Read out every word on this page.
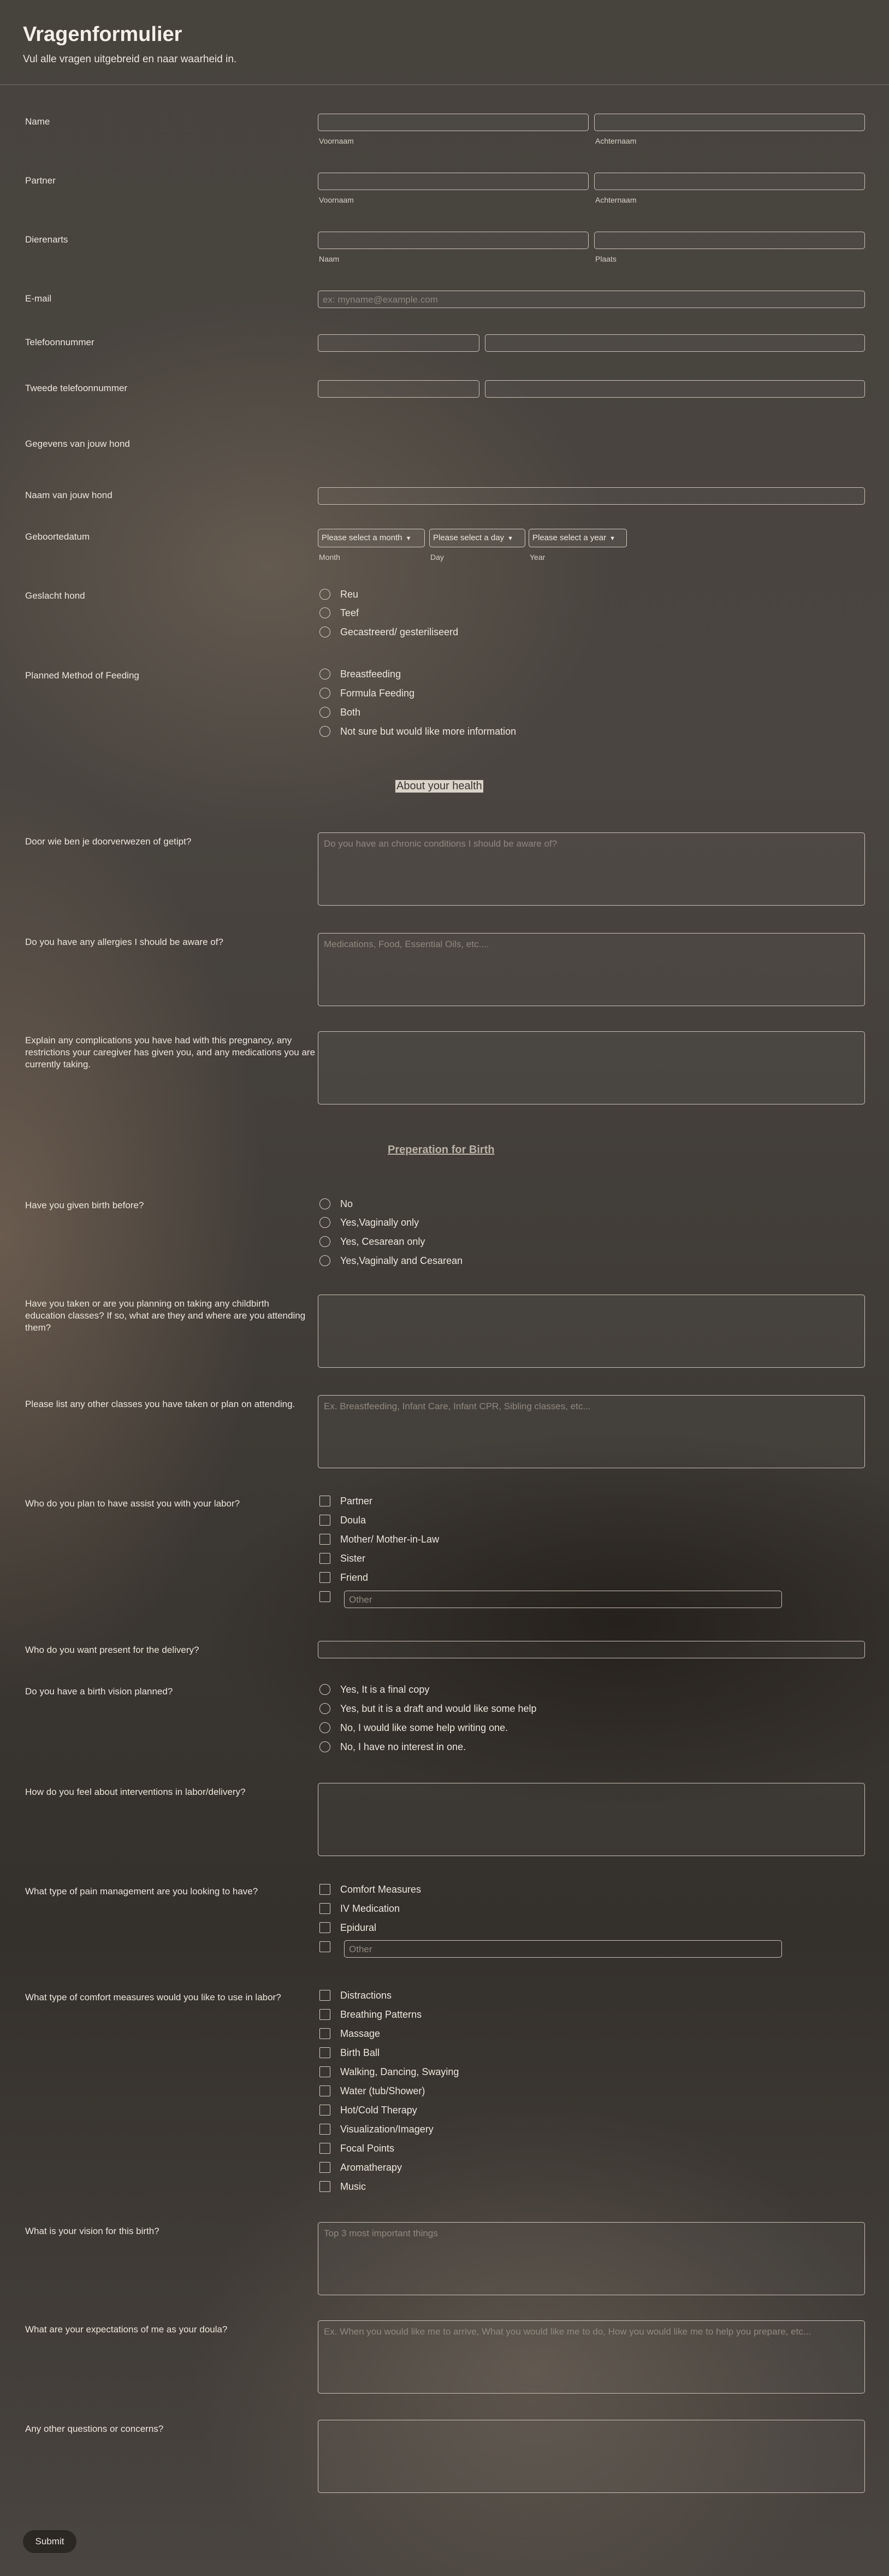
Vragenformulier

Vul alle vragen uitgebreid en naar waarheid in.

Name
Voornaam	Achternaam
Partner
Voornaam	Achternaam
Dierenarts
Naam	Plaats
E-mail	ex: myname@example.com
Telefoonnummer
Tweede telefoonnummer
Gegevens van jouw hond
Naam van jouw hond
Geboortedatum	Please select a month ▼	Please select a day ▼	Please select a year ▼
Month	Day	Year
Geslacht hond	Reu
Teef
Gecastreerd/ gesteriliseerd
Planned Method of Feeding	Breastfeeding
Formula Feeding
Both
Not sure but would like more information
About your health
Door wie ben je doorverwezen of getipt?	Do you have an chronic conditions I should be aware of?
Do you have any allergies I should be aware of?	Medications, Food, Essential Oils, etc....
Explain any complications you have had with this pregnancy, any restrictions your caregiver has given you, and any medications you are currently taking.
Preperation for Birth
Have you given birth before?	No
Yes,Vaginally only
Yes, Cesarean only
Yes,Vaginally and Cesarean
Have you taken or are you planning on taking any childbirth education classes? If so, what are they and where are you attending them?
Please list any other classes you have taken or plan on attending.	Ex. Breastfeeding, Infant Care, Infant CPR, Sibling classes, etc...
Who do you plan to have assist you with your labor?	Partner
Doula
Mother/ Mother-in-Law
Sister
Friend
Other
Who do you want present for the delivery?
Do you have a birth vision planned?	Yes, It is a final copy
Yes, but it is a draft and would like some help
No, I would like some help writing one.
No, I have no interest in one.
How do you feel about interventions in labor/delivery?
What type of pain management are you looking to have?	Comfort Measures
IV Medication
Epidural
Other
What type of comfort measures would you like to use in labor?	Distractions
Breathing Patterns
Massage
Birth Ball
Walking, Dancing, Swaying
Water (tub/Shower)
Hot/Cold Therapy
Visualization/Imagery
Focal Points
Aromatherapy
Music
What is your vision for this birth?	Top 3 most important things
What are your expectations of me as your doula?	Ex. When you would like me to arrive, What you would like me to do, How you would like me to help you prepare, etc...
Any other questions or concerns?
Submit
